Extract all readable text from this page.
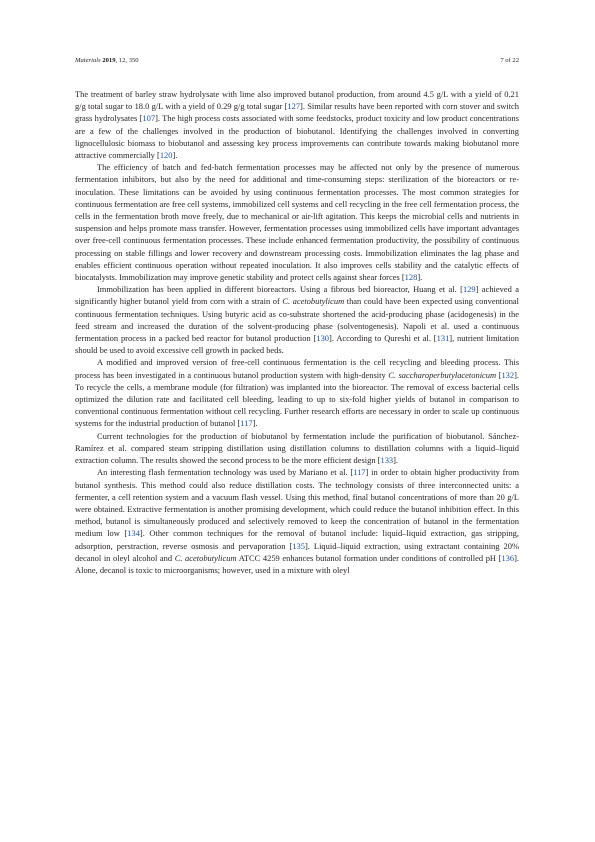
Materials 2019, 12, 350	7 of 22

The treatment of barley straw hydrolysate with lime also improved butanol production, from around 4.5 g/L with a yield of 0.21 g/g total sugar to 18.0 g/L with a yield of 0.29 g/g total sugar [127]. Similar results have been reported with corn stover and switch grass hydrolysates [107]. The high process costs associated with some feedstocks, product toxicity and low product concentrations are a few of the challenges involved in the production of biobutanol. Identifying the challenges involved in converting lignocellulosic biomass to biobutanol and assessing key process improvements can contribute towards making biobutanol more attractive commercially [120].

The efficiency of batch and fed-batch fermentation processes may be affected not only by the presence of numerous fermentation inhibitors, but also by the need for additional and time-consuming steps: sterilization of the bioreactors or re-inoculation. These limitations can be avoided by using continuous fermentation processes. The most common strategies for continuous fermentation are free cell systems, immobilized cell systems and cell recycling in the free cell fermentation process, the cells in the fermentation broth move freely, due to mechanical or air-lift agitation. This keeps the microbial cells and nutrients in suspension and helps promote mass transfer. However, fermentation processes using immobilized cells have important advantages over free-cell continuous fermentation processes. These include enhanced fermentation productivity, the possibility of continuous processing on stable fillings and lower recovery and downstream processing costs. Immobilization eliminates the lag phase and enables efficient continuous operation without repeated inoculation. It also improves cells stability and the catalytic effects of biocatalysts. Immobilization may improve genetic stability and protect cells against shear forces [128].

Immobilization has been applied in different bioreactors. Using a fibrous bed bioreactor, Huang et al. [129] achieved a significantly higher butanol yield from corn with a strain of C. acetobutylicum than could have been expected using conventional continuous fermentation techniques. Using butyric acid as co-substrate shortened the acid-producing phase (acidogenesis) in the feed stream and increased the duration of the solvent-producing phase (solventogenesis). Napoli et al. used a continuous fermentation process in a packed bed reactor for butanol production [130]. According to Qureshi et al. [131], nutrient limitation should be used to avoid excessive cell growth in packed beds.

A modified and improved version of free-cell continuous fermentation is the cell recycling and bleeding process. This process has been investigated in a continuous butanol production system with high-density C. saccharoperbutylacetonicum [132]. To recycle the cells, a membrane module (for filtration) was implanted into the bioreactor. The removal of excess bacterial cells optimized the dilution rate and facilitated cell bleeding, leading to up to six-fold higher yields of butanol in comparison to conventional continuous fermentation without cell recycling. Further research efforts are necessary in order to scale up continuous systems for the industrial production of butanol [117].

Current technologies for the production of biobutanol by fermentation include the purification of biobutanol. Sánchez-Ramírez et al. compared steam stripping distillation using distillation columns to distillation columns with a liquid–liquid extraction column. The results showed the second process to be the more efficient design [133].

An interesting flash fermentation technology was used by Mariano et al. [117] in order to obtain higher productivity from butanol synthesis. This method could also reduce distillation costs. The technology consists of three interconnected units: a fermenter, a cell retention system and a vacuum flash vessel. Using this method, final butanol concentrations of more than 20 g/L were obtained. Extractive fermentation is another promising development, which could reduce the butanol inhibition effect. In this method, butanol is simultaneously produced and selectively removed to keep the concentration of butanol in the fermentation medium low [134]. Other common techniques for the removal of butanol include: liquid–liquid extraction, gas stripping, adsorption, perstraction, reverse osmosis and pervaporation [135]. Liquid–liquid extraction, using extractant containing 20% decanol in oleyl alcohol and C. acetobutylicum ATCC 4259 enhances butanol formation under conditions of controlled pH [136]. Alone, decanol is toxic to microorganisms; however, used in a mixture with oleyl
